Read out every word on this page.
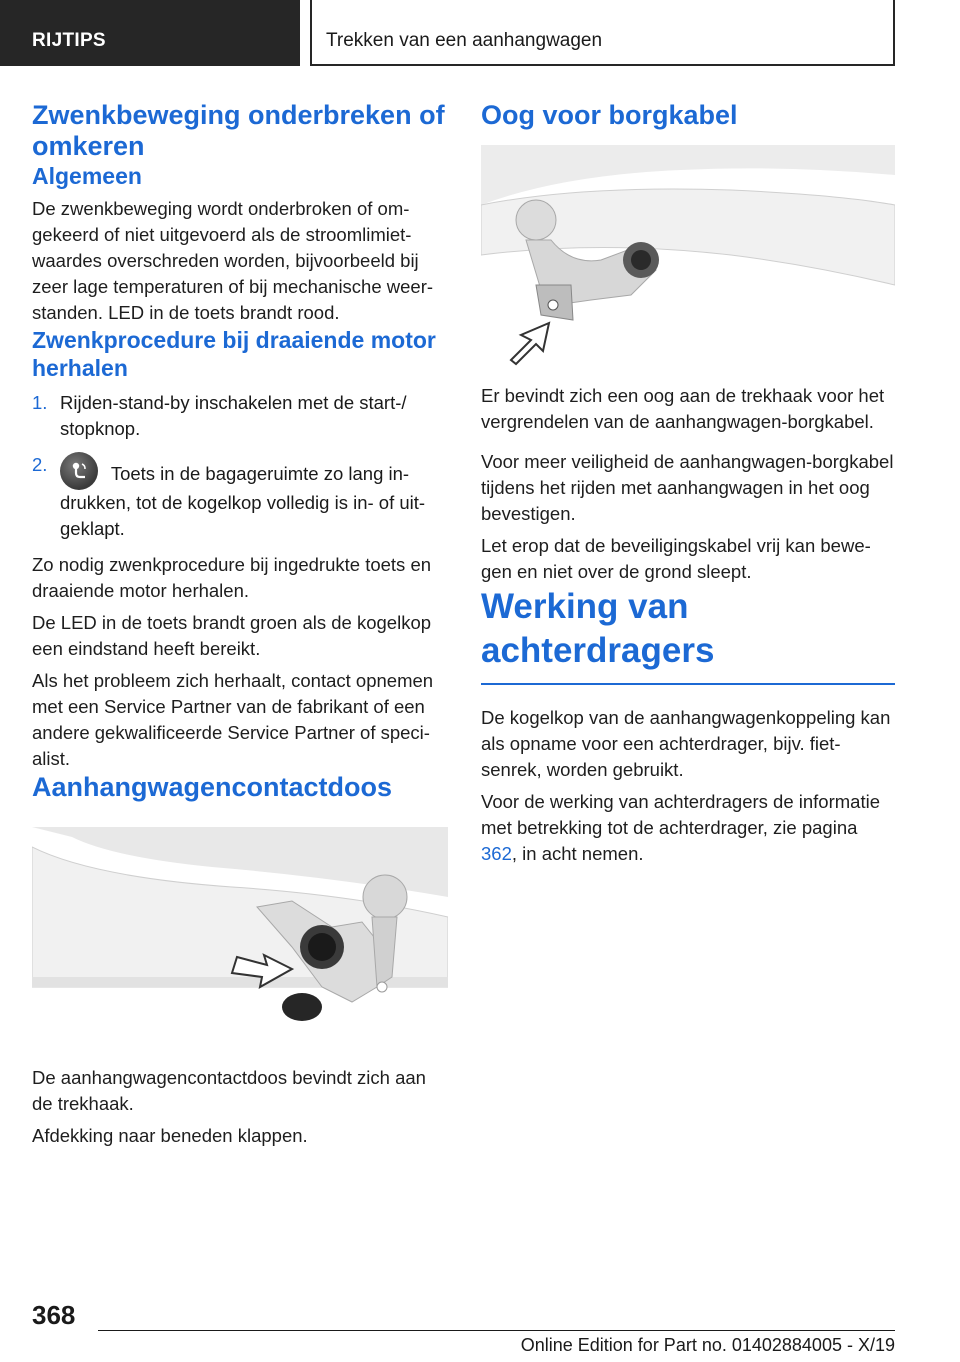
RIJTIPS	Trekken van een aanhangwagen
Zwenkbeweging onderbreken of omkeren
Algemeen

De zwenkbeweging wordt onderbroken of omgekeerd of niet uitgevoerd als de stroomlimietwaardes overschreden worden, bijvoorbeeld bij zeer lage temperaturen of bij mechanische weerstanden. LED in de toets brandt rood.

Zwenkprocedure bij draaiende motor herhalen
1. Rijden-stand-by inschakelen met de start-/ stopknop.
2.	Toets in de bagageruimte zo lang indrukken, tot de kogelkop volledig is in- of uitgeklapt.

Zo nodig zwenkprocedure bij ingedrukte toets en draaiende motor herhalen.

De LED in de toets brandt groen als de kogelkop een eindstand heeft bereikt.

Als het probleem zich herhaalt, contact opnemen met een Service Partner van de fabrikant of een andere gekwalificeerde Service Partner of specialist.

Aanhangwagencontactdoos

De aanhangwagencontactdoos bevindt zich aan de trekhaak.

Afdekking naar beneden klappen.

Oog voor borgkabel

Er bevindt zich een oog aan de trekhaak voor het vergrendelen van de aanhangwagen-borgkabel.

Voor meer veiligheid de aanhangwagen-borgkabel tijdens het rijden met aanhangwagen in het oog bevestigen.

Let erop dat de beveiligingskabel vrij kan bewegen en niet over de grond sleept.

Werking van achterdragers

De kogelkop van de aanhangwagenkoppeling kan als opname voor een achterdrager, bijv. fietsenrek, worden gebruikt.

Voor de werking van achterdragers de informatie met betrekking tot de achterdrager, zie pagina 362, in acht nemen.

368
Online Edition for Part no. 01402884005 - X/19
